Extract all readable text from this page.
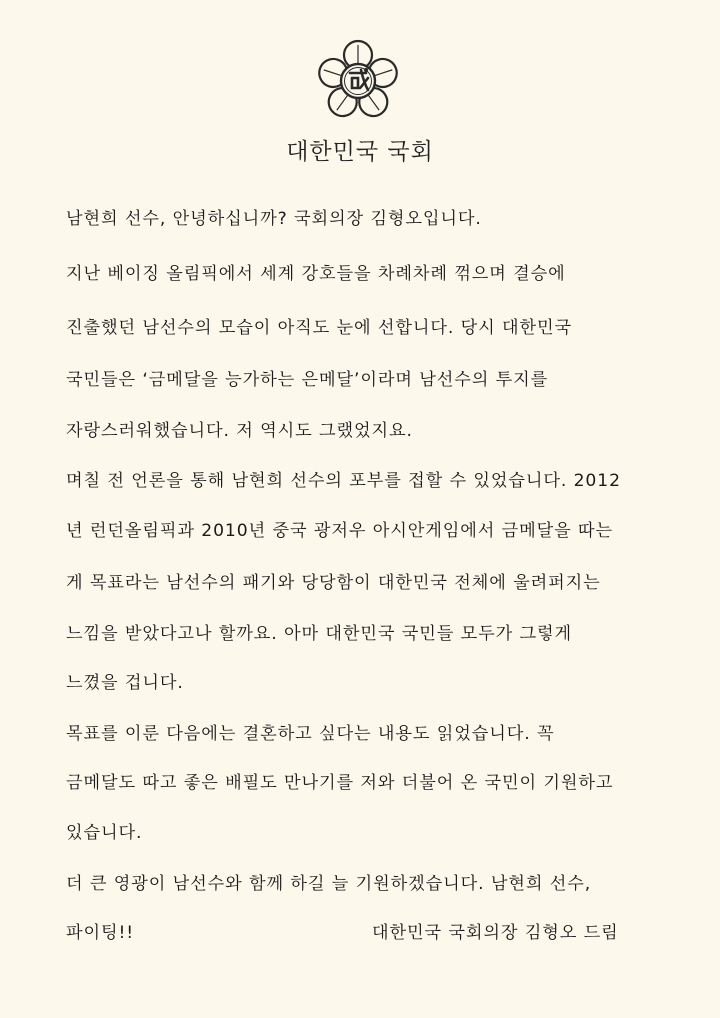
대한민국 국회
남현희 선수, 안녕하십니까? 국회의장 김형오입니다.
지난 베이징 올림픽에서 세계 강호들을 차례차례 꺾으며 결승에
진출했던 남선수의 모습이 아직도 눈에 선합니다. 당시 대한민국
국민들은 ‘금메달을 능가하는 은메달’이라며 남선수의 투지를
자랑스러워했습니다. 저 역시도 그랬었지요.
며칠 전 언론을 통해 남현희 선수의 포부를 접할 수 있었습니다. 2012
년 런던올림픽과 2010년 중국 광저우 아시안게임에서 금메달을 따는
게 목표라는 남선수의 패기와 당당함이 대한민국 전체에 울려퍼지는
느낌을 받았다고나 할까요. 아마 대한민국 국민들 모두가 그렇게
느꼈을 겁니다.
목표를 이룬 다음에는 결혼하고 싶다는 내용도 읽었습니다. 꼭
금메달도 따고 좋은 배필도 만나기를 저와 더불어 온 국민이 기원하고
있습니다.
더 큰 영광이 남선수와 함께 하길 늘 기원하겠습니다. 남현희 선수,
파이팅!!	대한민국 국회의장 김형오 드림
